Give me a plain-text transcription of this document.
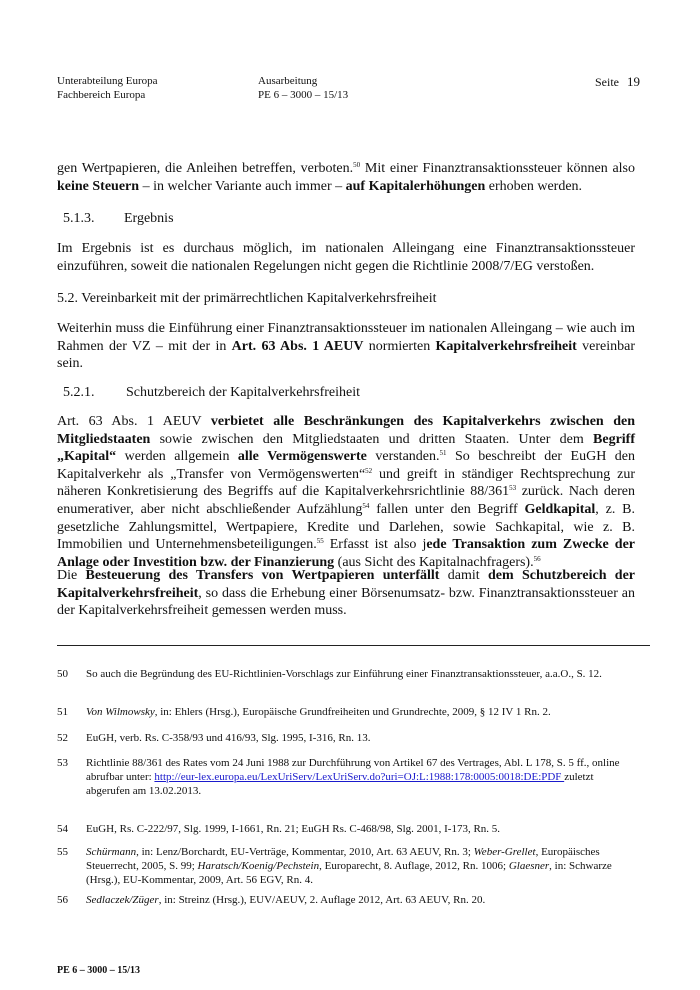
Unterabteilung Europa
Fachbereich Europa
Ausarbeitung
PE 6 – 3000 – 15/13
Seite 19

gen Wertpapieren, die Anleihen betreffen, verboten.$^{50}$ Mit einer Finanztransaktionssteuer können also keine Steuern – in welcher Variante auch immer – auf Kapitalerhöhungen erhoben werden.

5.1.3. Ergebnis

Im Ergebnis ist es durchaus möglich, im nationalen Alleingang eine Finanztransaktionssteuer einzuführen, soweit die nationalen Regelungen nicht gegen die Richtlinie 2008/7/EG verstoßen.

5.2. Vereinbarkeit mit der primärrechtlichen Kapitalverkehrsfreiheit

Weiterhin muss die Einführung einer Finanztransaktionssteuer im nationalen Alleingang – wie auch im Rahmen der VZ – mit der in Art. 63 Abs. 1 AEUV normierten Kapitalverkehrsfreiheit vereinbar sein.

5.2.1. Schutzbereich der Kapitalverkehrsfreiheit

Art. 63 Abs. 1 AEUV verbietet alle Beschränkungen des Kapitalverkehrs zwischen den Mitgliedstaaten sowie zwischen den Mitgliedstaaten und dritten Staaten. Unter dem Begriff „Kapital“ werden allgemein alle Vermögenswerte verstanden.$^{51}$ So beschreibt der EuGH den Kapitalverkehr als „Transfer von Vermögenswerten“$^{52}$ und greift in ständiger Rechtsprechung zur näheren Konkretisierung des Begriffs auf die Kapitalverkehrsrichtlinie $88/361^{53}$ zurück. Nach deren enumerativer, aber nicht abschließender Aufzählung$^{54}$ fallen unter den Begriff Geldkapital, z. B. gesetzliche Zahlungsmittel, Wertpapiere, Kredite und Darlehen, sowie Sachkapital, wie z. B. Immobilien und Unternehmensbeteiligungen.$^{55}$ Erfasst ist also jede Transaktion zum Zwecke der Anlage oder Investition bzw. der Finanzierung (aus Sicht des Kapitalnachfragers).$^{56}$

Die Besteuerung des Transfers von Wertpapieren unterfällt damit dem Schutzbereich der Kapitalverkehrsfreiheit, so dass die Erhebung einer Börsenumsatz- bzw. Finanztransaktionssteuer an der Kapitalverkehrsfreiheit gemessen werden muss.

50 So auch die Begründung des EU-Richtlinien-Vorschlags zur Einführung einer Finanztransaktionssteuer, a.a.O., S. 12.
51 Von Wilmowsky, in: Ehlers (Hrsg.), Europäische Grundfreiheiten und Grundrechte, 2009, § 12 IV 1 Rn. 2.
52 EuGH, verb. Rs. C-358/93 und 416/93, Slg. 1995, I-316, Rn. 13.
53 Richtlinie 88/361 des Rates vom 24 Juni 1988 zur Durchführung von Artikel 67 des Vertrages, Abl. L 178, S. 5 ff., online abrufbar unter: http://eur-lex.europa.eu/LexUriServ/LexUriServ.do?uri=OJ:L:1988:178:0005:0018:DE:PDF zuletzt abgerufen am 13.02.2013.
54 EuGH, Rs. C-222/97, Slg. 1999, I-1661, Rn. 21; EuGH Rs. C-468/98, Slg. 2001, I-173, Rn. 5.
55 Schürmann, in: Lenz/Borchardt, EU-Verträge, Kommentar, 2010, Art. 63 AEUV, Rn. 3; Weber-Grellet, Europäisches Steuerrecht, 2005, S. 99; Haratsch/Koenig/Pechstein, Europarecht, 8. Auflage, 2012, Rn. 1006; Glaesner, in: Schwarze (Hrsg.), EU-Kommentar, 2009, Art. 56 EGV, Rn. 4.
56 Sedlaczek/Züger, in: Streinz (Hrsg.), EUV/AEUV, 2. Auflage 2012, Art. 63 AEUV, Rn. 20.
PE 6 – 3000 – 15/13
